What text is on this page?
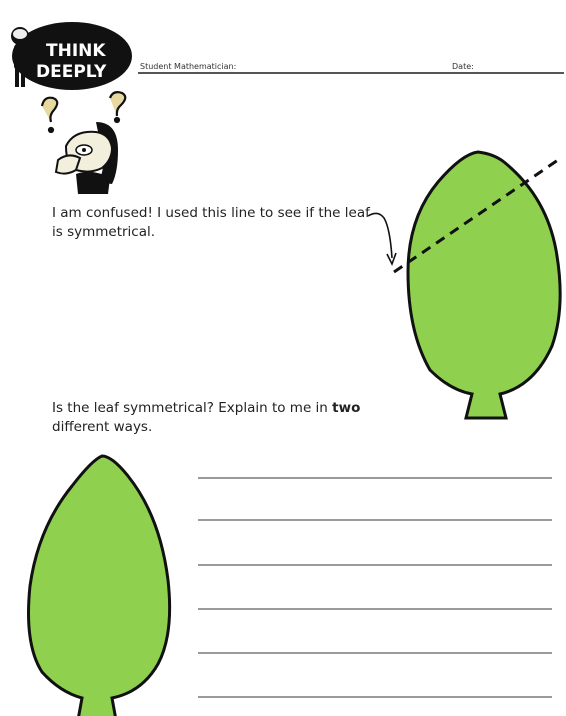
THINK
DEEPLY	Student Mathematician:	Date:

I am confused! I used this line to see if the leaf is symmetrical.

Is the leaf symmetrical? Explain to me in two different ways.
